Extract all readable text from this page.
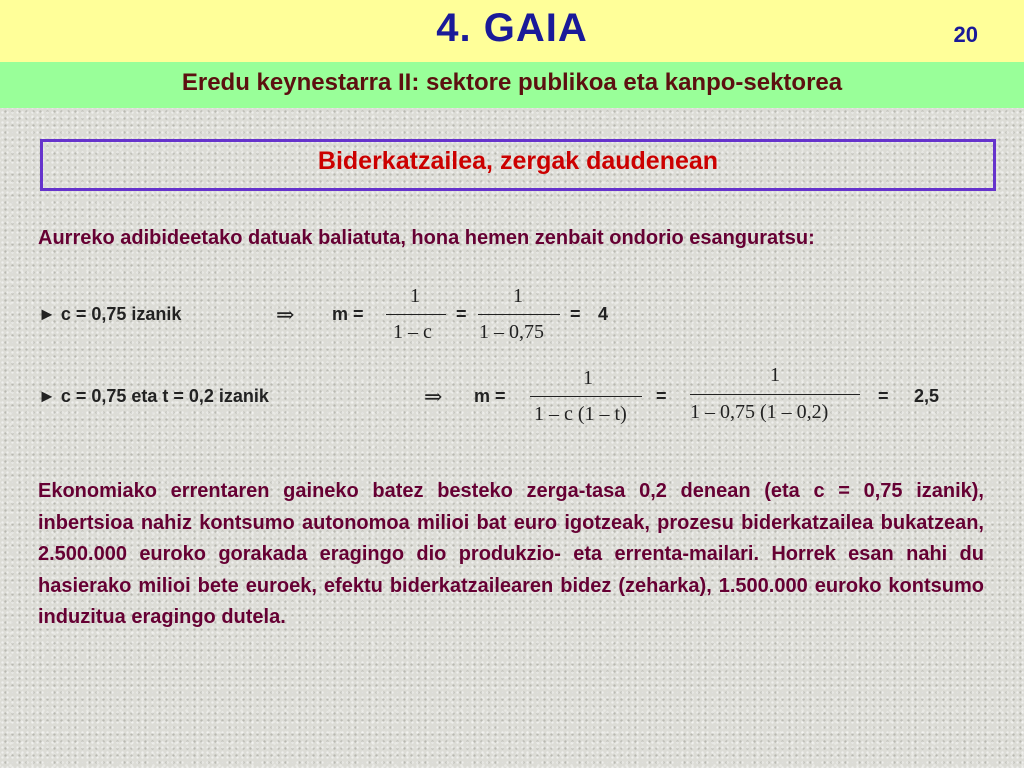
4. GAIA	20
Eredu keynestarra II: sektore publikoa eta kanpo-sektorea
Biderkatzailea, zergak daudenean
Aurreko adibideetako datuak baliatuta, hona hemen zenbait ondorio esanguratsu:
► c = 0,75 izanik	⇒ m =
1
1 – c
=
1
1 – 0,75
= 4
► c = 0,75 eta t = 0,2 izanik	⇒ m =
1
1 – c (1 – t)
=
1
1 – 0,75 (1 – 0,2)
= 2,5
Ekonomiako errentaren gaineko batez besteko zerga-tasa 0,2 denean (eta c = 0,75 izanik), inbertsioa nahiz kontsumo autonomoa milioi bat euro igotzeak, prozesu biderkatzailea bukatzean, 2.500.000 euroko gorakada eragingo dio produkzio- eta errenta-mailari. Horrek esan nahi du hasierako milioi bete euroek, efektu biderkatzailearen bidez (zeharka), 1.500.000 euroko kontsumo induzitua eragingo dutela.
